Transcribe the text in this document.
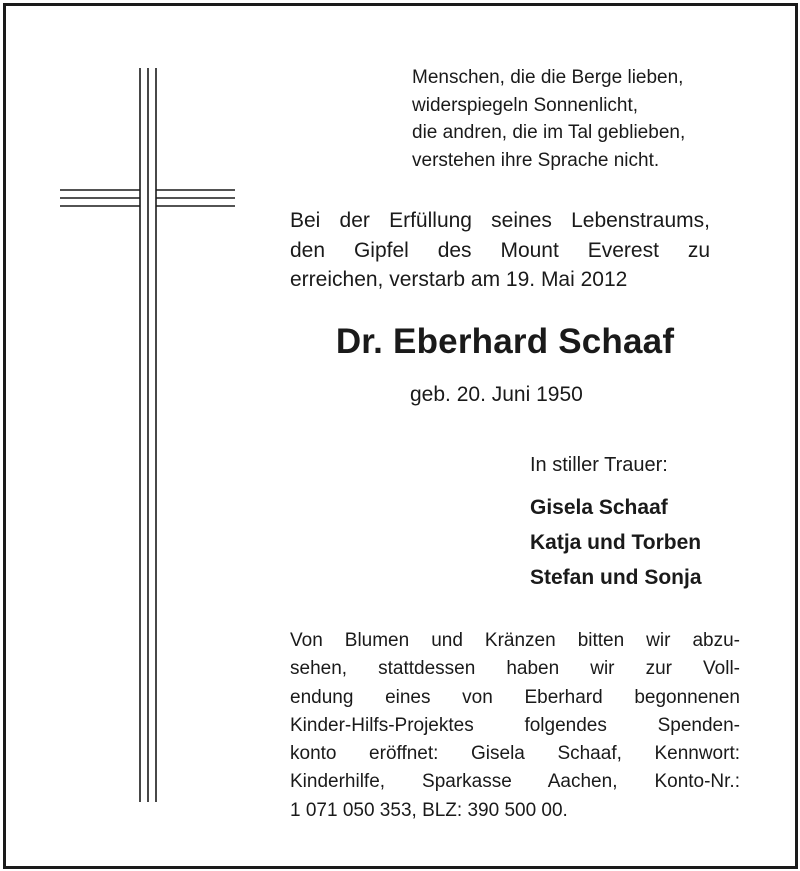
Menschen, die die Berge lieben,
widerspiegeln Sonnenlicht,
die andren, die im Tal geblieben,
verstehen ihre Sprache nicht.
Bei der Erfüllung seines Lebenstraums,
den Gipfel des Mount Everest zu
erreichen, verstarb am 19. Mai 2012
Dr. Eberhard Schaaf
geb. 20. Juni 1950
In stiller Trauer:
Gisela Schaaf
Katja und Torben
Stefan und Sonja
Von Blumen und Kränzen bitten wir abzu-
sehen, stattdessen haben wir zur Voll-
endung eines von Eberhard begonnenen
Kinder-Hilfs-Projektes folgendes Spenden-
konto eröffnet: Gisela Schaaf, Kennwort:
Kinderhilfe, Sparkasse Aachen, Konto-Nr.:
1 071 050 353, BLZ: 390 500 00.
